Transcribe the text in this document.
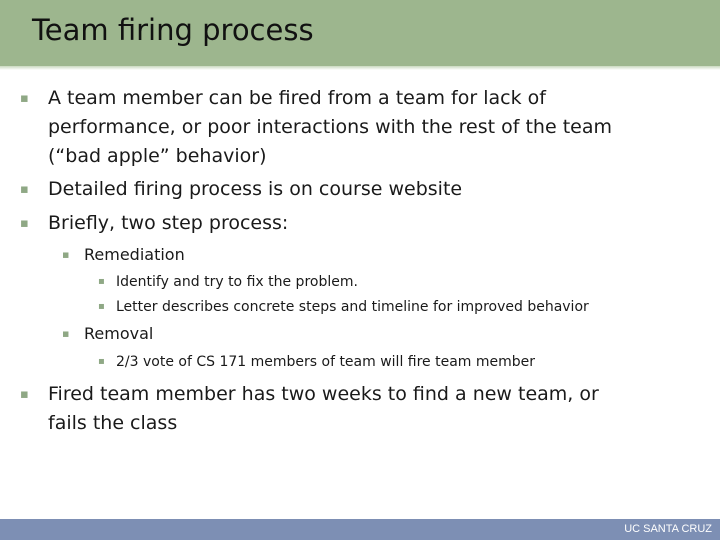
Team firing process
▪ A team member can be fired from a team for lack of
performance, or poor interactions with the rest of the team
(“bad apple” behavior)
▪ Detailed firing process is on course website
▪ Briefly, two step process:
▪ Remediation
▪ Identify and try to fix the problem.
▪ Letter describes concrete steps and timeline for improved behavior
▪ Removal
▪ 2/3 vote of CS 171 members of team will fire team member
▪ Fired team member has two weeks to find a new team, or
fails the class
UC SANTA CRUZ
